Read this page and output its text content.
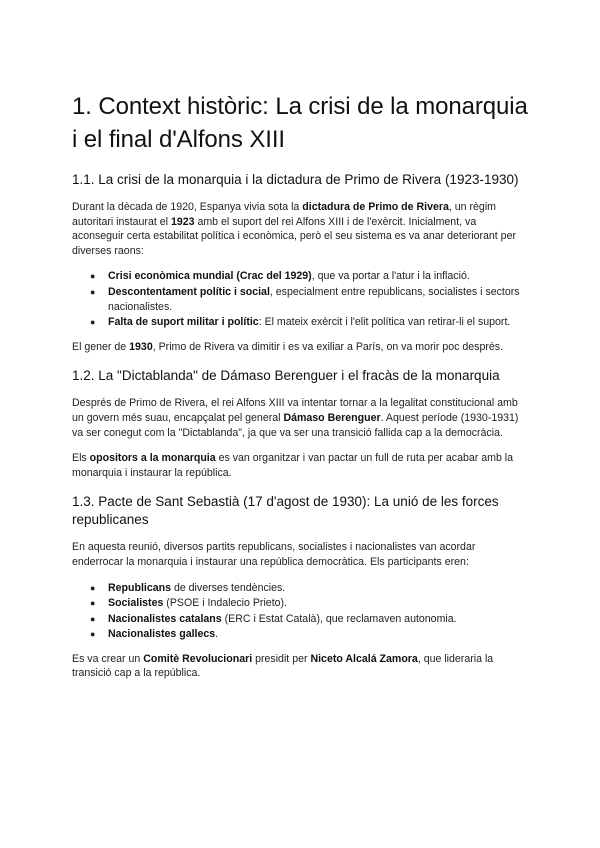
1. Context històric: La crisi de la monarquia i el final d'Alfons XIII
1.1. La crisi de la monarquia i la dictadura de Primo de Rivera (1923-1930)

Durant la dècada de 1920, Espanya vivia sota la dictadura de Primo de Rivera, un règim autoritari instaurat el 1923 amb el suport del rei Alfons XIII i de l'exèrcit. Inicialment, va aconseguir certa estabilitat política i econòmica, però el seu sistema es va anar deteriorant per diverses raons:

● Crisi econòmica mundial (Crac del 1929), que va portar a l'atur i la inflació.
● Descontentament polític i social, especialment entre republicans, socialistes i sectors nacionalistes.
● Falta de suport militar i polític: El mateix exèrcit i l'elit política van retirar-li el suport.

El gener de 1930, Primo de Rivera va dimitir i es va exiliar a París, on va morir poc després.

1.2. La "Dictablanda" de Dámaso Berenguer i el fracàs de la monarquia

Després de Primo de Rivera, el rei Alfons XIII va intentar tornar a la legalitat constitucional amb un govern més suau, encapçalat pel general Dámaso Berenguer. Aquest període (1930-1931) va ser conegut com la "Dictablanda", ja que va ser una transició fallida cap a la democràcia.

Els opositors a la monarquia es van organitzar i van pactar un full de ruta per acabar amb la monarquia i instaurar la república.

1.3. Pacte de Sant Sebastià (17 d'agost de 1930): La unió de les forces republicanes

En aquesta reunió, diversos partits republicans, socialistes i nacionalistes van acordar enderrocar la monarquia i instaurar una república democràtica. Els participants eren:

● Republicans de diverses tendències.
● Socialistes (PSOE i Indalecio Prieto).
● Nacionalistes catalans (ERC i Estat Català), que reclamaven autonomia.
● Nacionalistes gallecs.

Es va crear un Comitè Revolucionari presidit per Niceto Alcalá Zamora, que lideraria la transició cap a la república.
